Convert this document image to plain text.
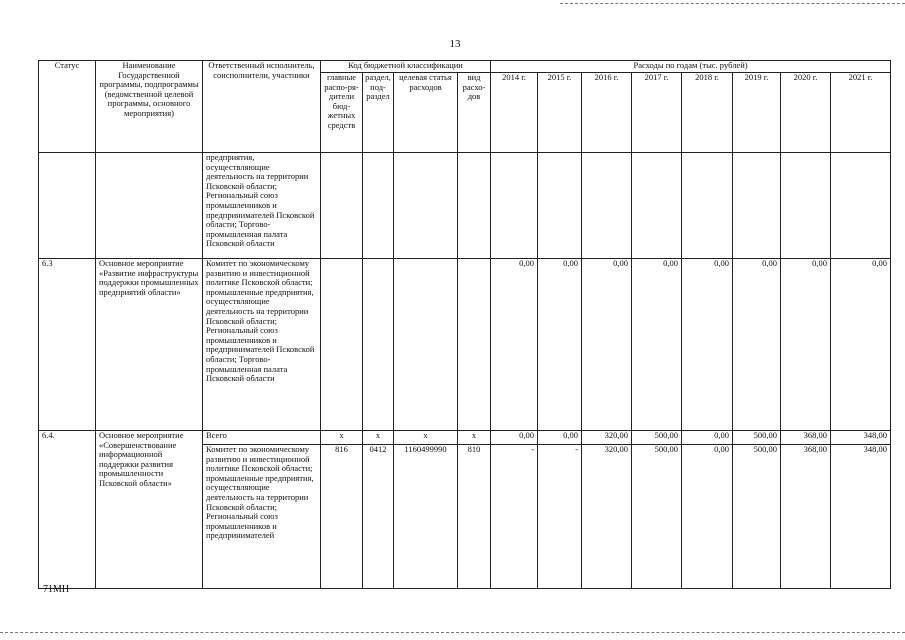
13
Статус	Наименование Государственной программы, подпрограммы (ведомственной целевой программы, основного мероприятия)	Ответственный исполнитель, соисполнители, участники	Код бюджетной классификации				Расходы по годам (тыс. рублей)							
			главные распо-ря-дители бюд-жетных средств	раздел, под-раздел	целевая статья расходов	вид расхо-дов	2014 г.	2015 г.	2016 г.	2017 г.	2018 г.	2019 г.	2020 г.	2021 г.
		предприятия, осуществляющие деятельность на территории Псковской области; Региональный союз промышленников и предпринимателей Псковской области; Торгово-промышленная палата Псковской области												
6.3	Основное мероприятие «Развитие инфраструктуры поддержки промышленных предприятий области»	Комитет по экономическому развитию и инвестиционной политике Псковской области; промышленные предприятия, осуществляющие деятельность на территории Псковской области; Региональный союз промышленников и предпринимателей Псковской области; Торгово-промышленная палата Псковской области					0,00	0,00	0,00	0,00	0,00	0,00	0,00	0,00
6.4.	Основное мероприятие «Совершенствование информационной поддержки развития промышленности Псковской области»	Всего	х	х	х	х	0,00	0,00	320,00	500,00	0,00	500,00	368,00	348,00
		Комитет по экономическому развитию и инвестиционной политике Псковской области; промышленные предприятия, осуществляющие деятельность на территории Псковской области; Региональный союз промышленников и предпринимателей	816	0412	1160499990	810	-	-	320,00	500,00	0,00	500,00	368,00	348,00
71МН
